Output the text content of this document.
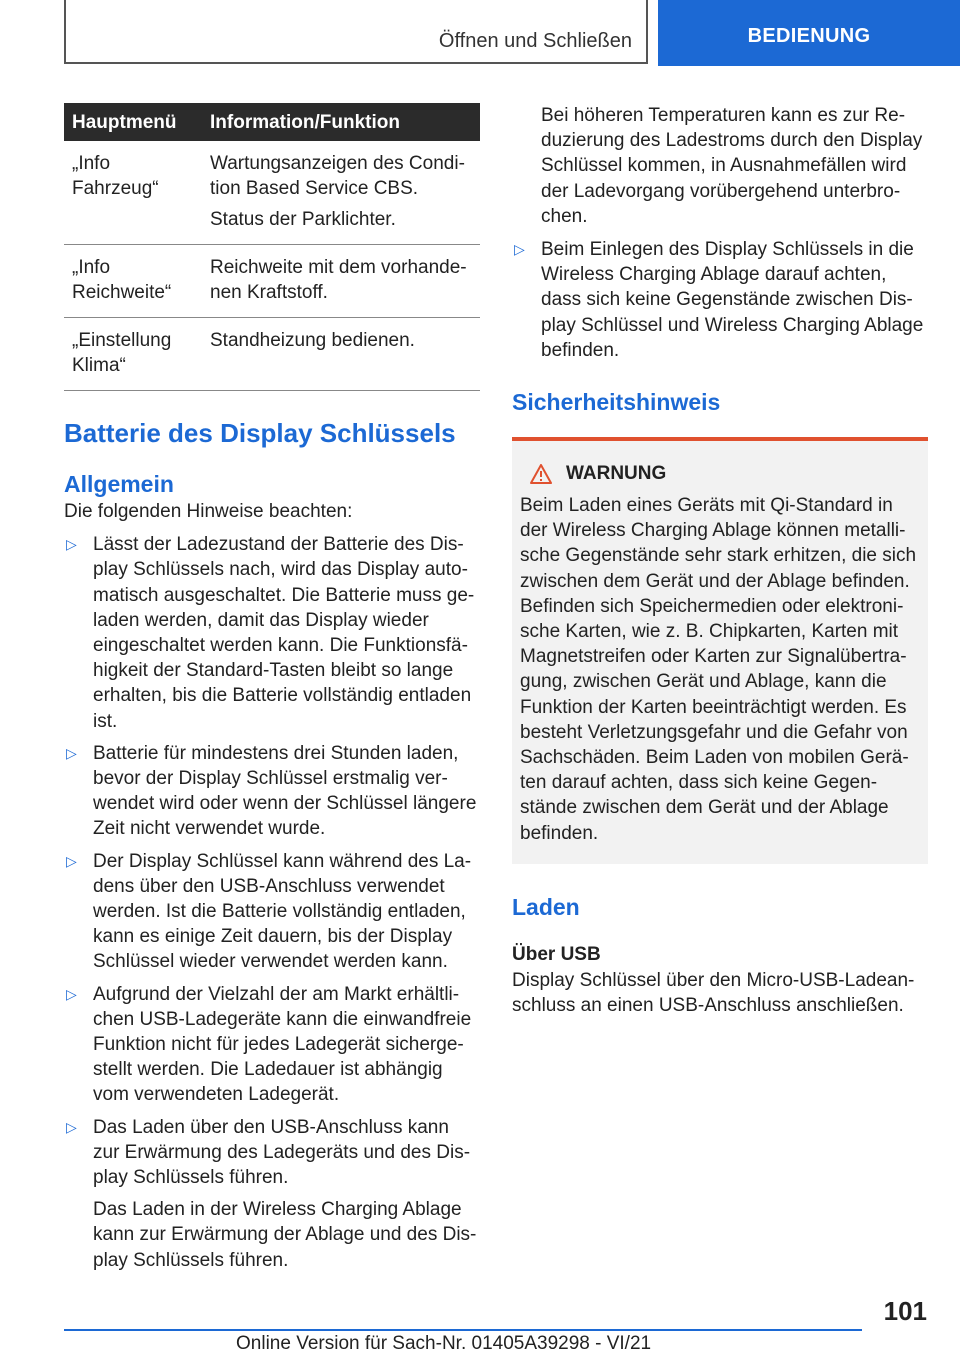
Öffnen und Schließen	BEDIENUNG
Hauptmenü	Information/Funktion
„Info Fahrzeug“	Wartungsanzeigen des Condition Based Service CBS.

Status der Parklichter.

„Info Reichweite“	Reichweite mit dem vorhandenen Kraftstoff.

„Einstellung Klima“	Standheizung bedienen.

Batterie des Display Schlüssels
Allgemein

Die folgenden Hinweise beachten:

▷ Lässt der Ladezustand der Batterie des Display Schlüssels nach, wird das Display automatisch ausgeschaltet. Die Batterie muss geladen werden, damit das Display wieder eingeschaltet werden kann. Die Funktionsfähigkeit der Standard-Tasten bleibt so lange erhalten, bis die Batterie vollständig entladen ist.
▷ Batterie für mindestens drei Stunden laden, bevor der Display Schlüssel erstmalig verwendet wird oder wenn der Schlüssel längere Zeit nicht verwendet wurde.
▷ Der Display Schlüssel kann während des Ladens über den USB-Anschluss verwendet werden. Ist die Batterie vollständig entladen, kann es einige Zeit dauern, bis der Display Schlüssel wieder verwendet werden kann.
▷ Aufgrund der Vielzahl der am Markt erhältlichen USB-Ladegeräte kann die einwandfreie Funktion nicht für jedes Ladegerät sichergestellt werden. Die Ladedauer ist abhängig vom verwendeten Ladegerät.
▷ Das Laden über den USB-Anschluss kann zur Erwärmung des Ladegeräts und des Display Schlüssels führen.
Das Laden in der Wireless Charging Ablage kann zur Erwärmung der Ablage und des Display Schlüssels führen.

Bei höheren Temperaturen kann es zur Reduzierung des Ladestroms durch den Display Schlüssel kommen, in Ausnahmefällen wird der Ladevorgang vorübergehend unterbrochen.

▷ Beim Einlegen des Display Schlüssels in die Wireless Charging Ablage darauf achten, dass sich keine Gegenstände zwischen Display Schlüssel und Wireless Charging Ablage befinden.
Sicherheitshinweis
WARNUNG
Beim Laden eines Geräts mit Qi-Standard in der Wireless Charging Ablage können metallische Gegenstände sehr stark erhitzen, die sich zwischen dem Gerät und der Ablage befinden. Befinden sich Speichermedien oder elektronische Karten, wie z. B. Chipkarten, Karten mit Magnetstreifen oder Karten zur Signalübertragung, zwischen Gerät und Ablage, kann die Funktion der Karten beeinträchtigt werden. Es besteht Verletzungsgefahr und die Gefahr von Sachschäden. Beim Laden von mobilen Geräten darauf achten, dass sich keine Gegenstände zwischen dem Gerät und der Ablage befinden.
Laden
Über USB

Display Schlüssel über den Micro-USB-Ladeanschluss an einen USB-Anschluss anschließen.

101
Online Version für Sach-Nr. 01405A39298 - VI/21
